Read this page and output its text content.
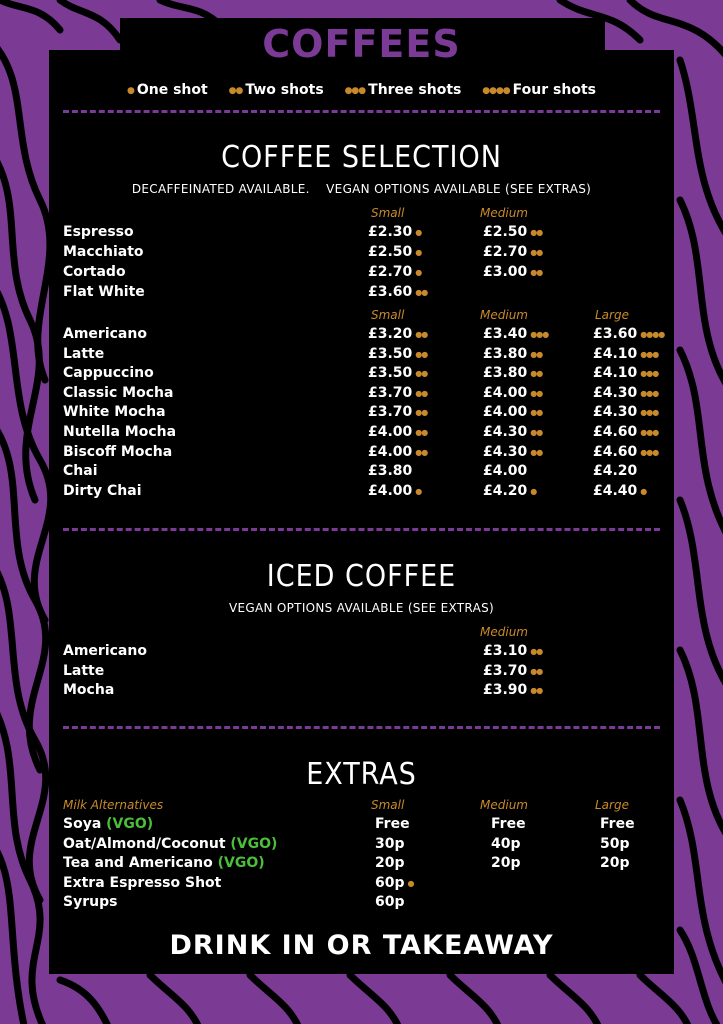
COFFEES
● One shot ●● Two shots ●●● Three shots ●●●● Four shots
COFFEE SELECTION
DECAFFEINATED AVAILABLE.    VEGAN OPTIONS AVAILABLE (SEE EXTRAS)
Small	Medium
Espresso	£2.30 ●	£2.50 ●●
Macchiato	£2.50 ●	£2.70 ●●
Cortado	£2.70 ●	£3.00 ●●
Flat White	£3.60 ●●
Small	Medium	Large
Americano	£3.20 ●●	£3.40 ●●●	£3.60 ●●●●
Latte	£3.50 ●●	£3.80 ●●	£4.10 ●●●
Cappuccino	£3.50 ●●	£3.80 ●●	£4.10 ●●●
Classic Mocha	£3.70 ●●	£4.00 ●●	£4.30 ●●●
White Mocha	£3.70 ●●	£4.00 ●●	£4.30 ●●●
Nutella Mocha	£4.00 ●●	£4.30 ●●	£4.60 ●●●
Biscoff Mocha	£4.00 ●●	£4.30 ●●	£4.60 ●●●
Chai	£3.80	£4.00	£4.20
Dirty Chai	£4.00 ●	£4.20 ●	£4.40 ●
ICED COFFEE
VEGAN OPTIONS AVAILABLE (SEE EXTRAS)
Medium
Americano	£3.10 ●●
Latte	£3.70 ●●
Mocha	£3.90 ●●
EXTRAS
Milk Alternatives	Small	Medium	Large
Soya (VGO)	Free	Free	Free
Oat/Almond/Coconut (VGO)	30p	40p	50p
Tea and Americano (VGO)	20p	20p	20p
Extra Espresso Shot	60p ●
Syrups	60p
DRINK IN OR TAKEAWAY
